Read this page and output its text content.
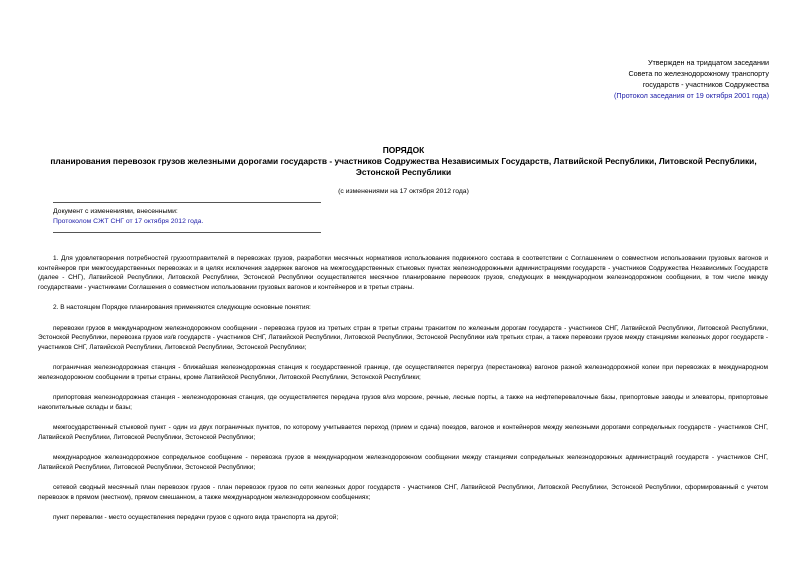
Утвержден на тридцатом заседании
Совета по железнодорожному транспорту
государств - участников Содружества
(Протокол заседания от 19 октября 2001 года)
ПОРЯДОК
планирования перевозок грузов железными дорогами государств - участников Содружества Независимых Государств, Латвийской Республики, Литовской Республики, Эстонской Республики
(с изменениями на 17 октября 2012 года)
Документ с изменениями, внесенными:
Протоколом СЖТ СНГ от 17 октября 2012 года.

1. Для удовлетворения потребностей грузоотправителей в перевозках грузов, разработки месячных нормативов использования подвижного состава в соответствии с Соглашением о совместном использовании грузовых вагонов и контейнеров при межгосударственных перевозках и в целях исключения задержек вагонов на межгосударственных стыковых пунктах железнодорожными администрациями государств - участников Содружества Независимых Государств (далее - СНГ), Латвийской Республики, Литовской Республики, Эстонской Республики осуществляется месячное планирование перевозок грузов, следующих в международном железнодорожном сообщении, в том числе между государствами - участниками Соглашения о совместном использовании грузовых вагонов и контейнеров и в третьи страны.

2. В настоящем Порядке планирования применяются следующие основные понятия:

перевозки грузов в международном железнодорожном сообщении - перевозка грузов из третьих стран в третьи страны транзитом по железным дорогам государств - участников СНГ, Латвийской Республики, Литовской Республики, Эстонской Республики, перевозка грузов из/в государств - участников СНГ, Латвийской Республики, Литовской Республики, Эстонской Республики из/в третьих стран, а также перевозки грузов между станциями железных дорог государств - участников СНГ, Латвийской Республики, Литовской Республики, Эстонской Республики;

пограничная железнодорожная станция - ближайшая железнодорожная станция к государственной границе, где осуществляется перегруз (перестановка) вагонов разной железнодорожной колеи при перевозках в международном железнодорожном сообщении в третьи страны, кроме Латвийской Республики, Литовской Республики, Эстонской Республики;

припортовая железнодорожная станция - железнодорожная станция, где осуществляется передача грузов в/из морские, речные, лесные порты, а также на нефтеперевалочные базы, припортовые заводы и элеваторы, припортовые накопительные склады и базы;

межгосударственный стыковой пункт - один из двух пограничных пунктов, по которому учитывается переход (прием и сдача) поездов, вагонов и контейнеров между железными дорогами сопредельных государств - участников СНГ, Латвийской Республики, Литовской Республики, Эстонской Республики;

международное железнодорожное сопредельное сообщение - перевозка грузов в международном железнодорожном сообщении между станциями сопредельных железнодорожных администраций государств - участников СНГ, Латвийской Республики, Литовской Республики, Эстонской Республики;

сетевой сводный месячный план перевозок грузов - план перевозок грузов по сети железных дорог государств - участников СНГ, Латвийской Республики, Литовской Республики, Эстонской Республики, сформированный с учетом перевозок в прямом (местном), прямом смешанном, а также международном железнодорожном сообщениях;

пункт перевалки - место осуществления передачи грузов с одного вида транспорта на другой;
